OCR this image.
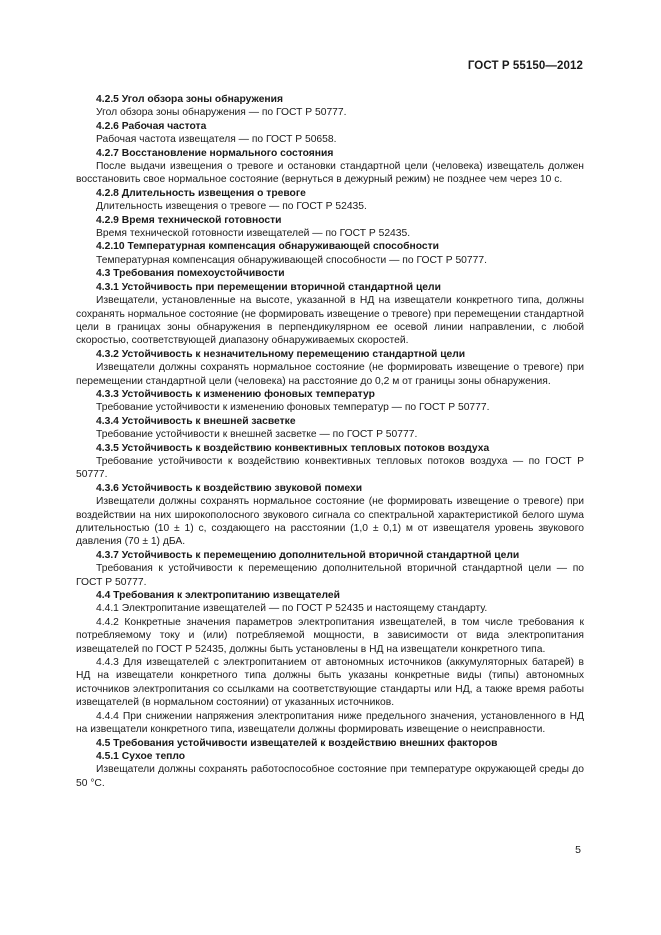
ГОСТ Р 55150—2012

4.2.5 Угол обзора зоны обнаружения

Угол обзора зоны обнаружения — по ГОСТ Р 50777.

4.2.6 Рабочая частота

Рабочая частота извещателя — по ГОСТ Р 50658.

4.2.7 Восстановление нормального состояния

После выдачи извещения о тревоге и остановки стандартной цели (человека) извещатель должен восстановить свое нормальное состояние (вернуться в дежурный режим) не позднее чем через 10 с.

4.2.8 Длительность извещения о тревоге

Длительность извещения о тревоге — по ГОСТ Р 52435.

4.2.9 Время технической готовности

Время технической готовности извещателей — по ГОСТ Р 52435.

4.2.10 Температурная компенсация обнаруживающей способности

Температурная компенсация обнаруживающей способности — по ГОСТ Р 50777.

4.3 Требования помехоустойчивости

4.3.1 Устойчивость при перемещении вторичной стандартной цели

Извещатели, установленные на высоте, указанной в НД на извещатели конкретного типа, должны сохранять нормальное состояние (не формировать извещение о тревоге) при перемещении стандартной цели в границах зоны обнаружения в перпендикулярном ее осевой линии направлении, с любой скоростью, соответствующей диапазону обнаруживаемых скоростей.

4.3.2 Устойчивость к незначительному перемещению стандартной цели

Извещатели должны сохранять нормальное состояние (не формировать извещение о тревоге) при перемещении стандартной цели (человека) на расстояние до 0,2 м от границы зоны обнаружения.

4.3.3 Устойчивость к изменению фоновых температур

Требование устойчивости к изменению фоновых температур — по ГОСТ Р 50777.

4.3.4 Устойчивость к внешней засветке

Требование устойчивости к внешней засветке — по ГОСТ Р 50777.

4.3.5 Устойчивость к воздействию конвективных тепловых потоков воздуха

Требование устойчивости к воздействию конвективных тепловых потоков воздуха — по ГОСТ Р 50777.

4.3.6 Устойчивость к воздействию звуковой помехи

Извещатели должны сохранять нормальное состояние (не формировать извещение о тревоге) при воздействии на них широкополосного звукового сигнала со спектральной характеристикой белого шума длительностью (10 ± 1) с, создающего на расстоянии (1,0 ± 0,1) м от извещателя уровень звукового давления (70 ± 1) дБА.

4.3.7 Устойчивость к перемещению дополнительной вторичной стандартной цели

Требования к устойчивости к перемещению дополнительной вторичной стандартной цели — по ГОСТ Р 50777.

4.4 Требования к электропитанию извещателей

4.4.1 Электропитание извещателей — по ГОСТ Р 52435 и настоящему стандарту.

4.4.2 Конкретные значения параметров электропитания извещателей, в том числе требования к потребляемому току и (или) потребляемой мощности, в зависимости от вида электропитания извещателей по ГОСТ Р 52435, должны быть установлены в НД на извещатели конкретного типа.

4.4.3 Для извещателей с электропитанием от автономных источников (аккумуляторных батарей) в НД на извещатели конкретного типа должны быть указаны конкретные виды (типы) автономных источников электропитания со ссылками на соответствующие стандарты или НД, а также время работы извещателей (в нормальном состоянии) от указанных источников.

4.4.4 При снижении напряжения электропитания ниже предельного значения, установленного в НД на извещатели конкретного типа, извещатели должны формировать извещение о неисправности.

4.5 Требования устойчивости извещателей к воздействию внешних факторов

4.5.1 Сухое тепло

Извещатели должны сохранять работоспособное состояние при температуре окружающей среды до 50 °С.

5
